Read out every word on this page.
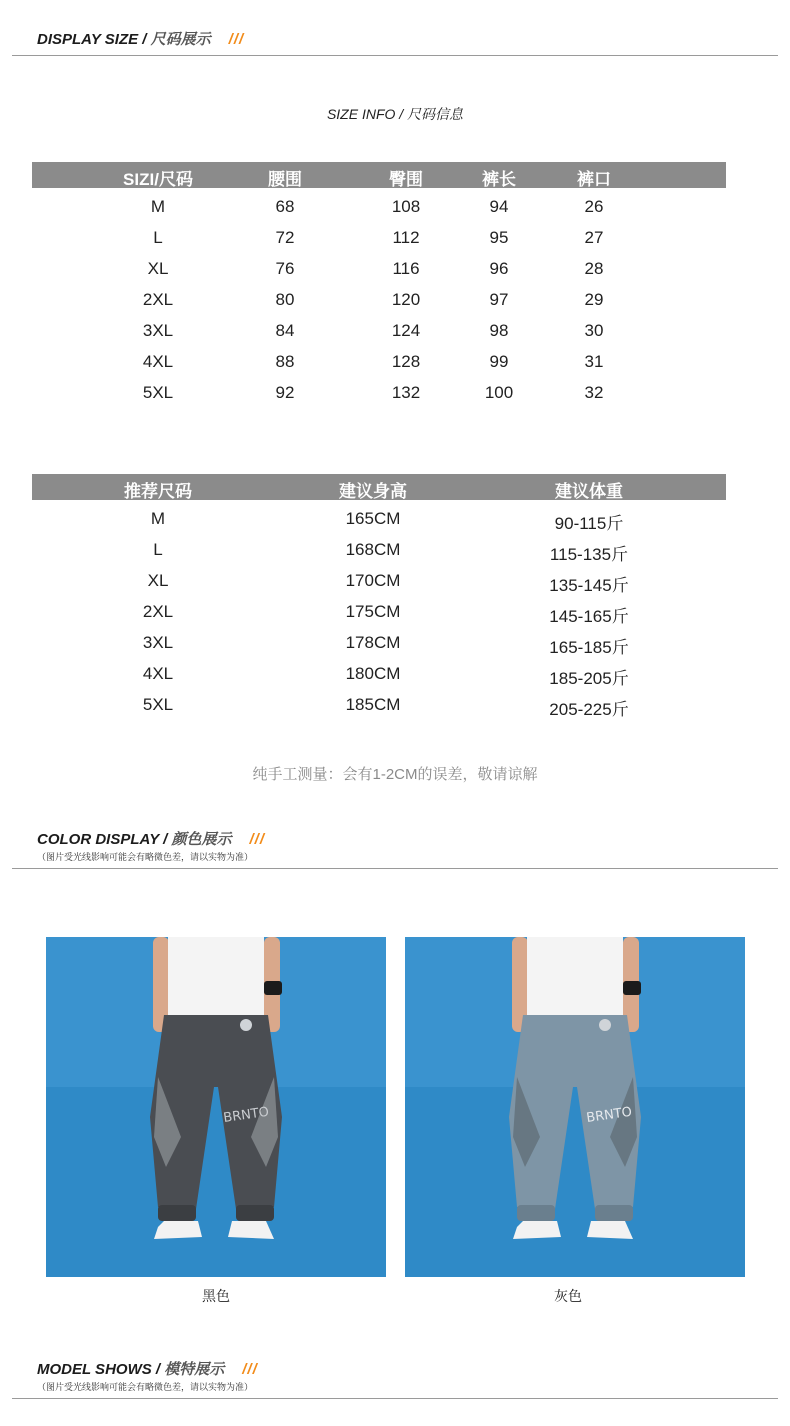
DISPLAY SIZE / 尺码展示 ///
SIZE INFO / 尺码信息
SIZI/尺码	腰围	臀围	裤长	裤口
M	68	108	94	26
L	72	112	95	27
XL	76	116	96	28
2XL	80	120	97	29
3XL	84	124	98	30
4XL	88	128	99	31
5XL	92	132	100	32
推荐尺码	建议身高	建议体重
M	165CM	90-115斤
L	168CM	115-135斤
XL	170CM	135-145斤
2XL	175CM	145-165斤
3XL	178CM	165-185斤
4XL	180CM	185-205斤
5XL	185CM	205-225斤
纯手工测量：会有1-2CM的误差，敬请谅解
COLOR DISPLAY / 颜色展示 ///
（图片受光线影响可能会有略微色差，请以实物为准）
BRNTO	BRNTO
黑色	灰色
MODEL SHOWS / 模特展示 ///
（图片受光线影响可能会有略微色差，请以实物为准）
